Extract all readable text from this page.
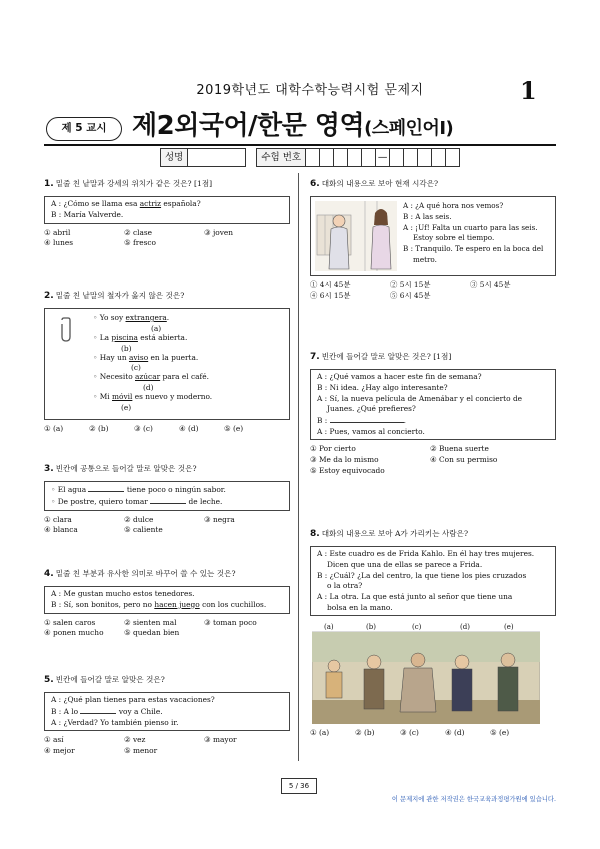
2019학년도 대학수학능력시험 문제지	1
제 5 교시 제2외국어/한문 영역(스페인어Ⅰ)
성명	수험 번호	—
1. 밑줄 친 낱말과 강세의 위치가 같은 것은? [1점]
A : ¿Cómo se llama esa actriz española?
B : María Valverde.
① abril	② clase	③ joven
④ lunes	⑤ fresco
2. 밑줄 친 낱말의 철자가 옳지 않은 것은?
◦ Yo soy extrangera.
(a)
◦ La piscina está abierta.
(b)
◦ Hay un aviso en la puerta.
(c)
◦ Necesito azúcar para el café.
(d)
◦ Mi móvil es nuevo y moderno.
(e)
① (a)	② (b)	③ (c)	④ (d)	⑤ (e)
3. 빈칸에 공통으로 들어갈 말로 알맞은 것은?
◦ El agua	tiene poco o ningún sabor.
◦ De postre, quiero tomar	de leche.
① clara	② dulce	③ negra
④ blanca	⑤ caliente
4. 밑줄 친 부분과 유사한 의미로 바꾸어 쓸 수 있는 것은?
A : Me gustan mucho estos tenedores.
B : Sí, son bonitos, pero no hacen juego con los cuchillos.
① salen caros	② sienten mal	③ toman poco
④ ponen mucho	⑤ quedan bien
5. 빈칸에 들어갈 말로 알맞은 것은?
A : ¿Qué plan tienes para estas vacaciones?
B : A lo	voy a Chile.
A : ¿Verdad? Yo también pienso ir.
① así	② vez	③ mayor
④ mejor	⑤ menor
6. 대화의 내용으로 보아 현재 시각은?
A : ¿A qué hora nos vemos?
B : A las seis.
A : ¡Uf! Falta un cuarto para las seis.
Estoy sobre el tiempo.
B : Tranquilo. Te espero en la boca del
metro.
① 4시 45분	② 5시 15분	③ 5시 45분
④ 6시 15분	⑤ 6시 45분
7. 빈칸에 들어갈 말로 알맞은 것은? [1점]
A : ¿Qué vamos a hacer este fin de semana?
B : Ni idea. ¿Hay algo interesante?
A : Sí, la nueva película de Amenábar y el concierto de
Juanes. ¿Qué prefieres?
B :	.
A : Pues, vamos al concierto.
① Por cierto	② Buena suerte
③ Me da lo mismo	④ Con su permiso
⑤ Estoy equivocado
8. 대화의 내용으로 보아 A가 가리키는 사람은?
A : Este cuadro es de Frida Kahlo. En él hay tres mujeres.
Dicen que una de ellas se parece a Frida.
B : ¿Cuál? ¿La del centro, la que tiene los pies cruzados
o la otra?
A : La otra. La que está junto al señor que tiene una
bolsa en la mano.
(a)	(b)	(c)	(d)	(e)
① (a)	② (b)	③ (c)	④ (d)	⑤ (e)
5 / 36
이 문제지에 관한 저작권은 한국교육과정평가원에 있습니다.
